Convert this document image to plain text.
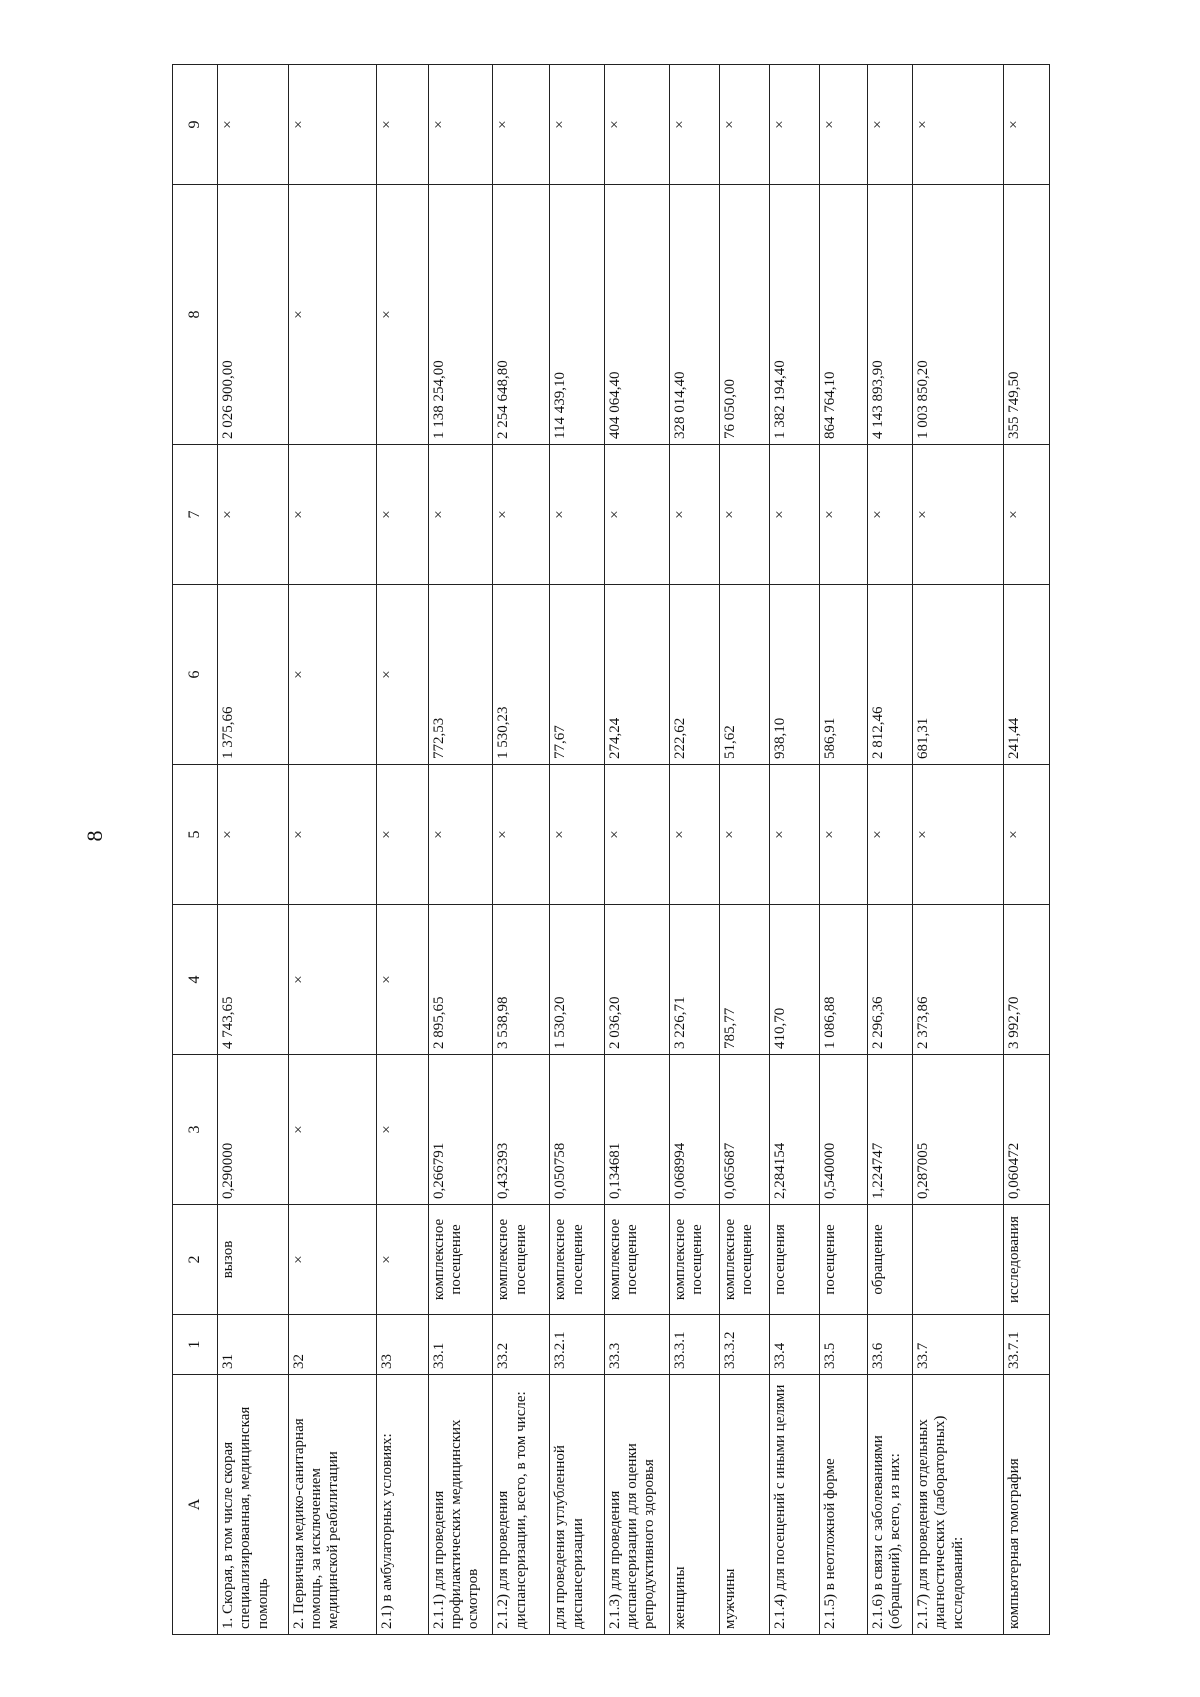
8
A	1	2	3	4	5	6	7	8	9
1. Скорая, в том числе скорая специализированная, медицинская помощь	31	вызов	0,290000	4 743,65	×	1 375,66	×	2 026 900,00	×
2. Первичная медико-санитарная помощь, за исключением медицинской реабилитации	32	×	×	×	×	×	×	×	×
2.1) в амбулаторных условиях:	33	×	×	×	×	×	×	×	×
2.1.1) для проведения профилактических медицинских осмотров	33.1	комплексное посещение	0,266791	2 895,65	×	772,53	×	1 138 254,00	×
2.1.2) для проведения диспансеризации, всего, в том числе:	33.2	комплексное посещение	0,432393	3 538,98	×	1 530,23	×	2 254 648,80	×
для проведения углубленной диспансеризации	33.2.1	комплексное посещение	0,050758	1 530,20	×	77,67	×	114 439,10	×
2.1.3) для проведения диспансеризации для оценки репродуктивного здоровья	33.3	комплексное посещение	0,134681	2 036,20	×	274,24	×	404 064,40	×
женщины	33.3.1	комплексное посещение	0,068994	3 226,71	×	222,62	×	328 014,40	×
мужчины	33.3.2	комплексное посещение	0,065687	785,77	×	51,62	×	76 050,00	×
2.1.4) для посещений с иными целями	33.4	посещения	2,284154	410,70	×	938,10	×	1 382 194,40	×
2.1.5) в неотложной форме	33.5	посещение	0,540000	1 086,88	×	586,91	×	864 764,10	×
2.1.6) в связи с заболеваниями (обращений), всего, из них:	33.6	обращение	1,224747	2 296,36	×	2 812,46	×	4 143 893,90	×
2.1.7) для проведения отдельных диагностических (лабораторных) исследований:	33.7		0,287005	2 373,86	×	681,31	×	1 003 850,20	×
компьютерная томография	33.7.1	исследования	0,060472	3 992,70	×	241,44	×	355 749,50	×
